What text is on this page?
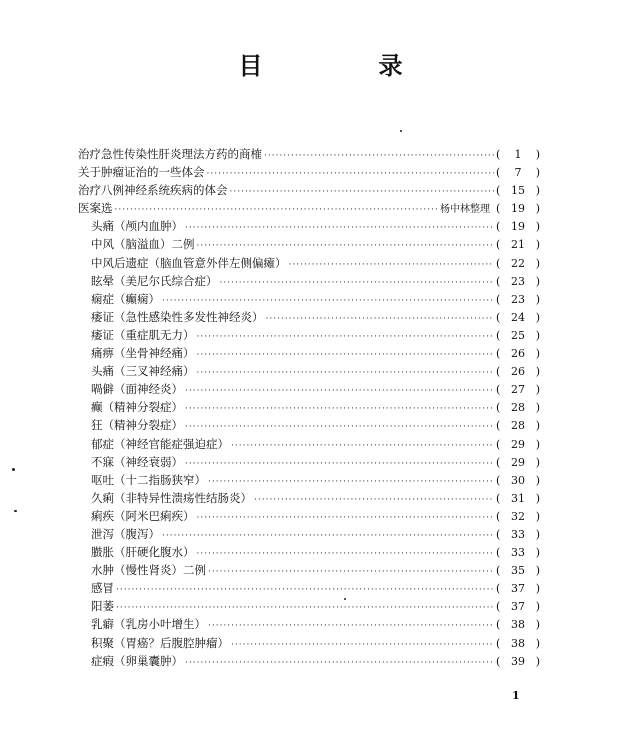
目　录
治疗急性传染性肝炎理法方药的商榷 ·····	(	1	)
关于肿瘤证治的一些体会 ·····	(	7	)
治疗八例神经系统疾病的体会 ·····	( 15 )
医案选 ·····	杨中林整理 ( 19 )
头痛（颅内血肿） ·····	( 19 )
中风（脑溢血）二例 ·····	( 21 )
中风后遗症（脑血管意外伴左侧偏瘫） ·····	( 22 )
眩晕（美尼尔氏综合症） ·····	( 23 )
痫症（癫痫） ·····	( 23 )
痿证（急性感染性多发性神经炎） ·····	( 24 )
痿证（重症肌无力） ·····	( 25 )
痛痹（坐骨神经痛） ·····	( 26 )
头痛（三叉神经痛） ·····	( 26 )
喎僻（面神经炎） ·····	( 27 )
癫（精神分裂症） ·····	( 28 )
狂（精神分裂症） ·····	( 28 )
郁症（神经官能症强迫症） ·····	( 29 )
不寐（神经衰弱） ·····	( 29 )
呕吐（十二指肠狭窄） ·····	( 30 )
久痢（非特异性溃疡性结肠炎） ·····	( 31 )
痢疾（阿米巴痢疾） ·····	( 32 )
泄泻（腹泻） ·····	( 33 )
臌胀（肝硬化腹水） ·····	( 33 )
水肿（慢性肾炎）二例 ·····	( 35 )
感冒 ·····	( 37 )
阳萎 ·····	( 37 )
乳癖（乳房小叶增生） ·····	( 38 )
积聚（胃癌？后腹腔肿瘤） ·····	( 38 )
症瘕（卵巢囊肿） ·····	( 39 )
1
